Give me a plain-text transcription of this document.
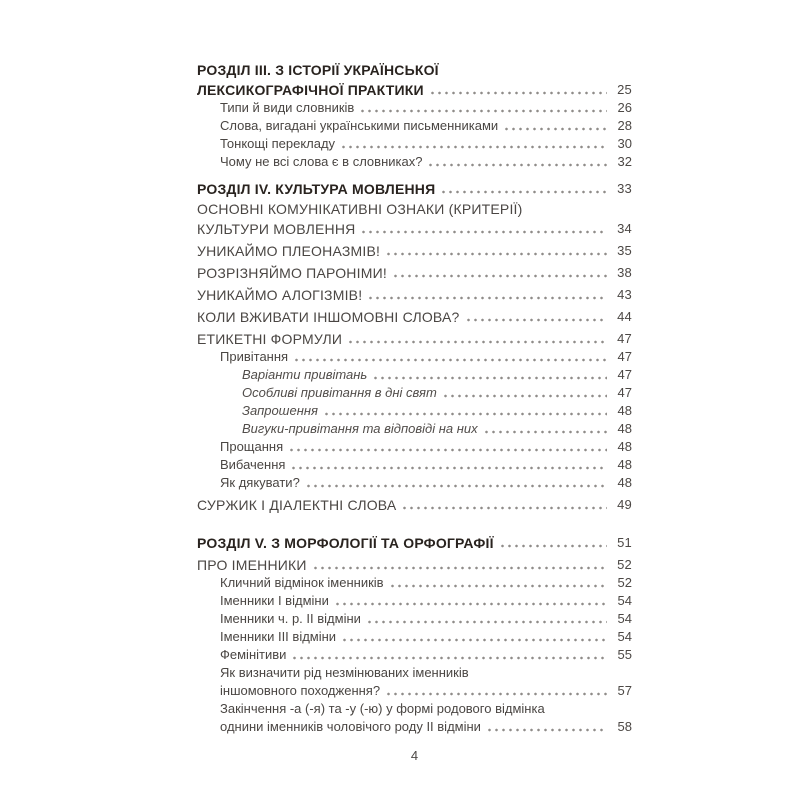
РОЗДІЛ III. З ІСТОРІЇ УКРАЇНСЬКОЇ
ЛЕКСИКОГРАФІЧНОЇ ПРАКТИКИ	25
Типи й види словників	26
Слова, вигадані українськими письменниками	28
Тонкощі перекладу	30
Чому не всі слова є в словниках?	32
РОЗДІЛ IV. КУЛЬТУРА МОВЛЕННЯ	33
ОСНОВНІ КОМУНІКАТИВНІ ОЗНАКИ (КРИТЕРІЇ)
КУЛЬТУРИ МОВЛЕННЯ	34
УНИКАЙМО ПЛЕОНАЗМІВ!	35
РОЗРІЗНЯЙМО ПАРОНІМИ!	38
УНИКАЙМО АЛОГІЗМІВ!	43
КОЛИ ВЖИВАТИ ІНШОМОВНІ СЛОВА?	44
ЕТИКЕТНІ ФОРМУЛИ	47
Привітання	47
Варіанти привітань	47
Особливі привітання в дні свят	47
Запрошення	48
Вигуки-привітання та відповіді на них	48
Прощання	48
Вибачення	48
Як дякувати?	48
СУРЖИК І ДІАЛЕКТНІ СЛОВА	49
РОЗДІЛ V. З МОРФОЛОГІЇ ТА ОРФОГРАФІЇ	51
ПРО ІМЕННИКИ	52
Кличний відмінок іменників	52
Іменники I відміни	54
Іменники ч. р. II відміни	54
Іменники III відміни	54
Фемінітиви	55
Як визначити рід незмінюваних іменників
іншомовного походження?	57
Закінчення -а (-я) та -у (-ю) у формі родового відмінка
однини іменників чоловічого роду II відміни	58
4
